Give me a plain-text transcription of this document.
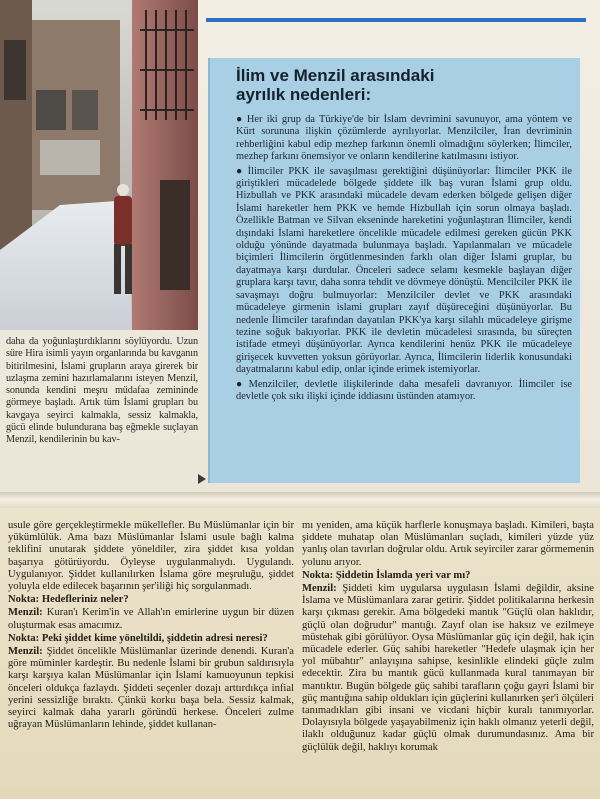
İlim ve Menzil arasındaki
ayrılık nedenleri:

● Her iki grup da Türkiye'de bir İslam devrimini savunuyor, ama yöntem ve Kürt sorununa ilişkin çözümlerde ayrılıyorlar. Menzilciler, İran devriminin rehberliğini kabul edip mezhep farkının önemli olmadığını söylerken; İlimciler, mezhep farkını önemsiyor ve onların kendilerine katılmasını istiyor.

● İlimciler PKK ile savaşılması gerektiğini düşünüyorlar: İlimciler PKK ile giriştikleri mücadelede bölgede şiddete ilk baş vuran İslami grup oldu. Hizbullah ve PKK arasındaki mücadele devam ederken bölgede gelişen diğer İslami hareketler hem PKK ve hemde Hizbullah için sorun olmaya başladı. Özellikle Batman ve Silvan ekseninde hareketini yoğunlaştıran İlimciler, kendi dışındaki İslami hareketlere öncelikle mücadele edilmesi gereken gücün PKK olduğu yönünde dayatmada bulunmaya başladı. Yapılanmaları ve mücadele biçimleri İlimcilerin örgütlenmesinden farklı olan diğer İslami gruplar, bu dayatmaya karşı durdular. Önceleri sadece selamı kesmekle başlayan diğer gruplara karşı tavır, daha sonra tehdit ve dövmeye dönüştü. Mencilciler PKK ile savaşmayı doğru bulmuyorlar: Menzilciler devlet ve PKK arasındaki mücadeleye girmenin islami grupları zayıf düşüreceğini düşünüyorlar. Bu nedenle İlimciler tarafından dayatılan PKK'ya karşı silahlı mücadeleye girişme tezine soğuk bakıyorlar. PKK ile devletin mücadelesi sırasında, bu süreçten istifade etmeyi düşünüyorlar. Ayrıca kendilerini henüz PKK ile mücadeleye girişecek kuvvetten yoksun görüyorlar. Ayrıca, İlimcilerin liderlik konusundaki dayatmalarını kabul edip, onlar içinde erimek istemiyorlar.

● Menzilciler, devletle ilişkilerinde daha mesafeli davranıyor. İlimciler ise devletle çok sıkı ilişki içinde iddiasını üstünden atamıyor.

daha da yoğunlaştırdıklarını söylüyordu. Uzun süre Hira isimli yayın organlarında bu kavganın bitirilmesini, İslami grupların araya girerek bir uzlaşma zemini hazırlamalarını isteyen Menzil, sonunda kendini meşru müdafaa zemininde görmeye başladı. Artık tüm İslami grupları bu kavgaya seyirci kalmakla, sessiz kalmakla, gücü elinde bulundurana baş eğmekle suçlayan Menzil, kendilerinin bu kav-

usule göre gerçekleştirmekle mükellefler. Bu Müslümanlar için bir yükümlülük. Ama bazı Müslümanlar İslami usule bağlı kalma teklifini unutarak şiddete yöneldiler, zira şiddet kısa yoldan başarıya götürüyordu. Öyleyse uygulanmalıydı. Uygulandı. Uygulanıyor. Şiddet kullanılırken İslama göre meşruluğu, şiddet yoluyla elde edilecek başarının şer'iliği hiç sorgulanmadı.

Nokta: Hedefleriniz neler?

Menzil: Kuran'ı Kerim'in ve Allah'ın emirlerine uygun bir düzen oluşturmak esas amacımız.

Nokta: Peki şiddet kime yöneltildi, şiddetin adresi neresi?

Menzil: Şiddet öncelikle Müslümanlar üzerinde denendi. Kuran'a göre müminler kardeştir. Bu nedenle İslami bir grubun saldırısıyla karşı karşıya kalan Müslümanlar için İslami kamuoyunun tepkisi önceleri oldukça fazlaydı. Şiddeti seçenler dozajı arttırdıkça infial yerini sessizliğe bıraktı. Çünkü korku başa bela. Sessiz kalmak, seyirci kalmak daha yararlı göründü herkese. Önceleri zulme uğrayan Müslümanların lehinde, şiddet kullanan-

mı yeniden, ama küçük harflerle konuşmaya başladı. Kimileri, başta şiddete muhatap olan Müslümanları suçladı, kimileri yüzde yüz yanlış olan tavırları doğrular oldu. Artık seyirciler zarar görmemenin yolunu arıyor.

Nokta: Şiddetin İslamda yeri var mı?

Menzil: Şiddeti kim uygularsa uygulasın İslami değildir, aksine İslama ve Müslümanlara zarar getirir. Şiddet politikalarına herkesin karşı çıkması gerekir. Ama bölgedeki mantık "Güçlü olan haklıdır, güçlü olan doğrudur" mantığı. Zayıf olan ise haksız ve ezilmeye müstehak gibi görülüyor. Oysa Müslümanlar güç için değil, hak için mücadele ederler. Güç sahibi hareketler "Hedefe ulaşmak için her yol mübahtır" anlayışına sahipse, kesinlikle elindeki güçle zulm edecektir. Zira bu mantık gücü kullanmada kural tanımayan bir mantıktır. Bugün bölgede güç sahibi tarafların çoğu gayri İslami bir güç mantığına sahip oldukları için güçlerini kullanırken şer'i ölçüleri tanımadıkları gibi insani ve vicdani hiçbir kuralı tanımıyorlar. Dolayısıyla bölgede yaşayabilmeniz için haklı olmanız yeterli değil, ilaklı olduğunuz kadar güçlü olmak durumundasınız. Ama bir güçlülük değil, haklıyı korumak
